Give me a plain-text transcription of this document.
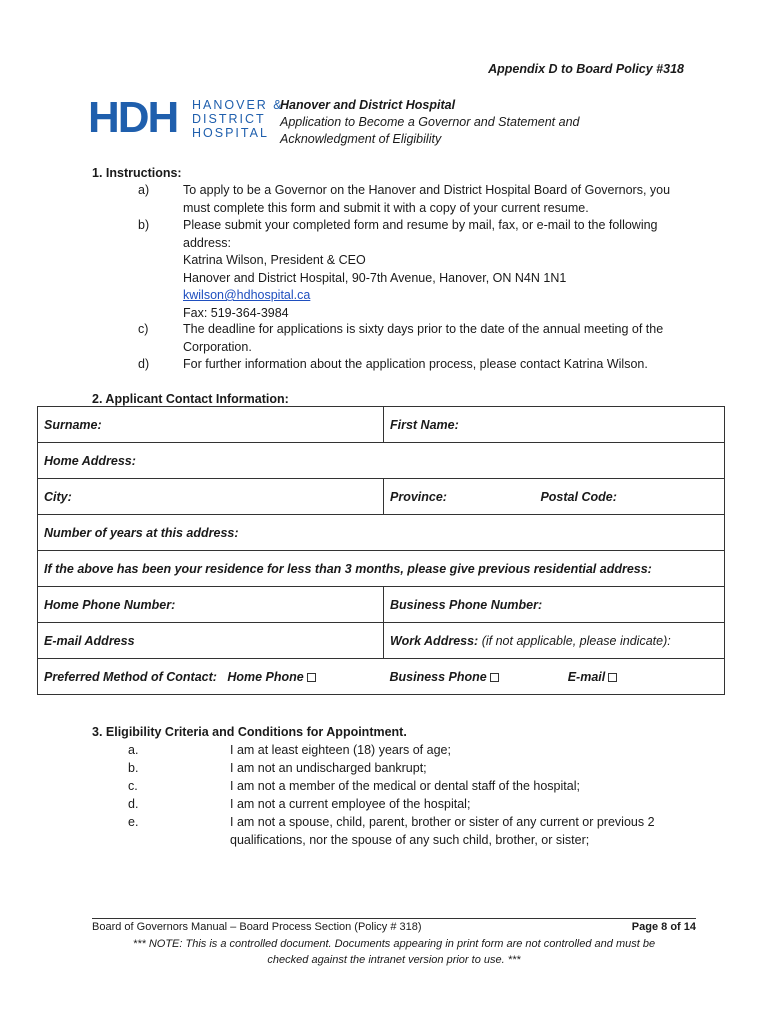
Appendix D to Board Policy #318
HDH HANOVER &
DISTRICT
HOSPITAL
Hanover and District Hospital
Application to Become a Governor and Statement and
Acknowledgment of Eligibility
1. Instructions:
a)	To apply to be a Governor on the Hanover and District Hospital Board of Governors, you
must complete this form and submit it with a copy of your current resume.
b)	Please submit your completed form and resume by mail, fax, or e-mail to the following
address:
Katrina Wilson, President & CEO
Hanover and District Hospital, 90-7th Avenue, Hanover, ON N4N 1N1
kwilson@hdhospital.ca
Fax: 519-364-3984
c)	The deadline for applications is sixty days prior to the date of the annual meeting of the
Corporation.
d)	For further information about the application process, please contact Katrina Wilson.
2. Applicant Contact Information:
Surname:	First Name:
Home Address:	
City:	Province: Postal Code:
Number of years at this address:	
If the above has been your residence for less than 3 months, please give previous residential address:	
Home Phone Number:	Business Phone Number:
E-mail Address	Work Address: (if not applicable, please indicate):
Preferred Method of Contact: Home Phone	Business Phone E-mail
3. Eligibility Criteria and Conditions for Appointment.
a.	I am at least eighteen (18) years of age;
b.	I am not an undischarged bankrupt;
c.	I am not a member of the medical or dental staff of the hospital;
d.	I am not a current employee of the hospital;
e.	I am not a spouse, child, parent, brother or sister of any current or previous 2
qualifications, nor the spouse of any such child, brother, or sister;
Board of Governors Manual – Board Process Section (Policy # 318)	Page 8 of 14
*** NOTE: This is a controlled document. Documents appearing in print form are not controlled and must be
checked against the intranet version prior to use. ***
